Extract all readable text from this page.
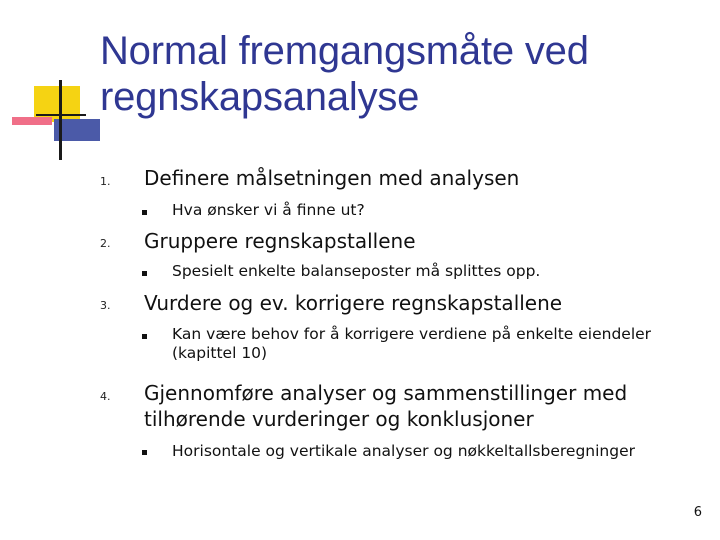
Normal fremgangsmåte ved regnskapsanalyse
1.	Definere målsetningen med analysen
Hva ønsker vi å finne ut?
2.	Gruppere regnskapstallene
Spesielt enkelte balanseposter må splittes opp.
3.	Vurdere og ev. korrigere regnskapstallene
Kan være behov for å korrigere verdiene på enkelte eiendeler (kapittel 10)
4.	Gjennomføre analyser og sammenstillinger med tilhørende vurderinger og konklusjoner
Horisontale og vertikale analyser og nøkkeltallsberegninger
6
